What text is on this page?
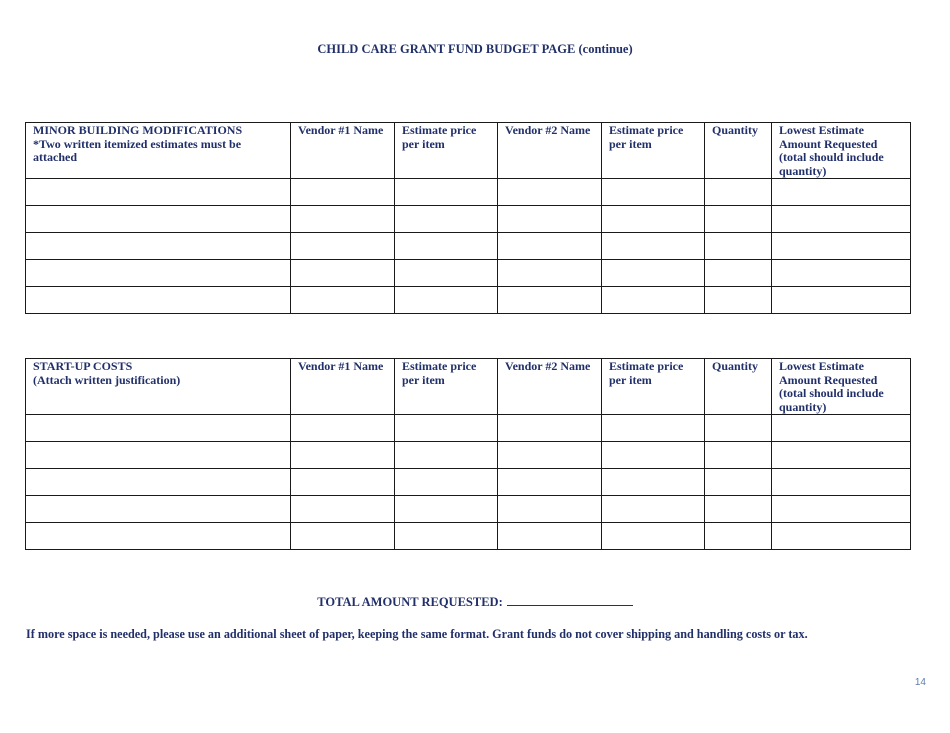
CHILD CARE GRANT FUND BUDGET PAGE (continue)
MINOR BUILDING MODIFICATIONS
*Two written itemized estimates must be attached	Vendor #1 Name	Estimate price per item	Vendor #2 Name	Estimate price per item	Quantity	Lowest Estimate Amount Requested (total should include quantity)

START-UP COSTS
(Attach written justification)	Vendor #1 Name	Estimate price per item	Vendor #2 Name	Estimate price per item	Quantity	Lowest Estimate Amount Requested (total should include quantity)

TOTAL AMOUNT REQUESTED:
If more space is needed, please use an additional sheet of paper, keeping the same format. Grant funds do not cover shipping and handling costs or tax.
14
